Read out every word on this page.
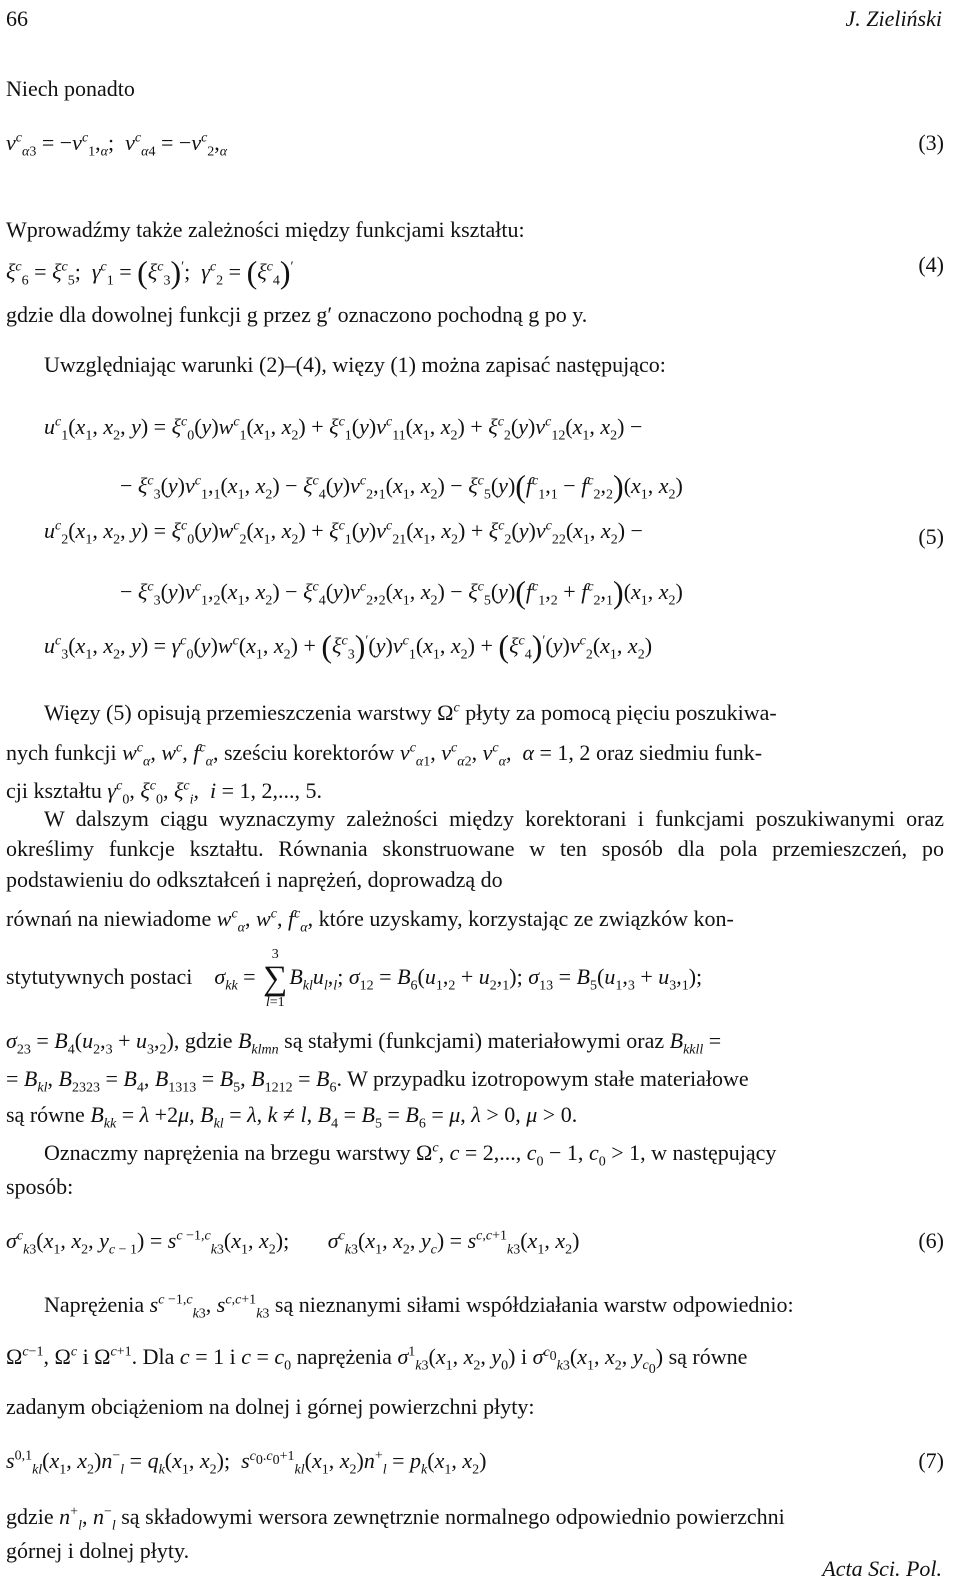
66	J. Zieliński
Niech ponadto
$v^c_{\alpha 3} = -v^c_1,_\alpha$;  $v^c_{\alpha 4} = -v^c_2,_\alpha$	(3)
Wprowadźmy także zależności między funkcjami kształtu:
$\xi^c_6 = \xi^c_5$;  $\gamma^c_1 = (\xi^c_3)'$;  $\gamma^c_2 = (\xi^c_4)'$	(4)
gdzie dla dowolnej funkcji g przez g′ oznaczono pochodną g po y.
Uwzględniając warunki (2)–(4), więzy (1) można zapisać następująco:
$u^c_1(x_1$, $x_2$, $y) = \xi^c_0(y)w^c_1(x_1$, $x_2) + \xi^c_1(y)v^c_{11}(x_1$, $x_2) + \xi^c_2(y)v^c_{12}(x_1$, $x_2$) −
− $\xi^c_3(y)v^c_1,_1(x_1$, $x_2) - \xi^c_4(y)v^c_2,_1(x_1$, $x_2) - \xi^c_5(y)(f^c_1,_1 - f^c_2,_2)(x_1$, $x_2$)
$u^c_2(x_1$, $x_2$, $y) = \xi^c_0(y)w^c_2(x_1$, $x_2) + \xi^c_1(y)v^c_{21}(x_1$, $x_2) + \xi^c_2(y)v^c_{22}(x_1$, $x_2$) −	(5)
− $\xi^c_3(y)v^c_1,_2(x_1$, $x_2) - \xi^c_4(y)v^c_2,_2(x_1$, $x_2) - \xi^c_5(y)(f^c_1,_2 + f^c_2,_1)(x_1$, $x_2$)
$u^c_3(x_1$, $x_2$, $y) = \gamma^c_0(y)w^c(x_1$, $x_2) + (\xi^c_3)'(y)v^c_1(x_1$, $x_2) + (\xi^c_4)'(y)v^c_2(x_1$, $x_2$)
Więzy (5) opisują przemieszczenia warstwy $\Omega^c$ płyty za pomocą pięciu poszukiwa-
nych funkcji $w^c_\alpha$, $w^c$, $f^c_\alpha$, sześciu korektorów $v^c_{\alpha 1}$, $v^c_{\alpha 2}$, $v^c_\alpha$,  α = 1, 2 oraz siedmiu funk-
cji kształtu $\gamma^c_0$, $\xi^c_0$, $\xi^c_i$,  i = 1, 2,..., 5.
W dalszym ciągu wyznaczymy zależności między korektorani i funkcjami poszukiwanymi oraz określimy funkcje kształtu. Równania skonstruowane w ten sposób dla pola przemieszczeń, po podstawieniu do odkształceń i naprężeń, doprowadzą do
równań na niewiadome $w^c_\alpha$, $w^c$, $f^c_\alpha$, które uzyskamy, korzystając ze związków kon-
stytutywnych postaci $\sigma_{kk} = 3$
∑
$l=1B_{kl}u_l,_l$; $\sigma_{12} = B_6(u_1,_2 + u_2,_1)$; $\sigma_{13} = B_5(u_1,_3 + u_3,_1)$;
$\sigma_{23} = B_4(u_2,_3 + u_3,_2)$, gdzie $B_{klmn}$ są stałymi (funkcjami) materiałowymi oraz $B_{kkll}$ =
= $B_{kl}$, $B_{2323} = B_4$, $B_{1313} = B_5$, $B_{1212} = B_6$. W przypadku izotropowym stałe materiałowe
są równe $B_{kk} = \lambda +2\mu$, $B_{kl} = \lambda$, k ≠ l, $B_4 = B_5 = B_6 = \mu$, λ > 0, μ > 0.
Oznaczmy naprężenia na brzegu warstwy $\Omega^c$, c = 2,..., $c_0 - 1$, $c_0 > 1$, w następujący
sposób:
$\sigma^c_{k3}(x_1$, $x_2$, $y_{c - 1}) = s^{c -1,c}_{k3}(x_1$, $x_2$);       $\sigma^c_{k3}(x_1$, $x_2$, $y_c) = s^{c,c+1}_{k3}(x_1$, $x_2$)	(6)
Naprężenia $s^{c -1,c}_{k3}$, $s^{c,c+1}_{k3}$ są nieznanymi siłami współdziałania warstw odpowiednio:
$\Omega^{c-1}$, $\Omega^c$ i $\Omega^{c+1}$. Dla c = 1 i $c = c_0$ naprężenia $\sigma^1_{k3}(x_1$, $x_2$, $y_0$) i $\sigma^{c_0}_{k3}(x_1$, $x_2$, $y_{c_0}$) są równe
zadanym obciążeniom na dolnej i górnej powierzchni płyty:
$s^{0,1}_{kl}(x_1$, $x_2)n^-_l = q_k(x_1$, $x_2$);  $s^{c_0.c_0+1}_{kl}(x_1$, $x_2)n^+_l = p_k(x_1$, $x_2$)	(7)
gdzie $n^+_l$, $n^-_l$ są składowymi wersora zewnętrznie normalnego odpowiednio powierzchni
górnej i dolnej płyty.
Acta Sci. Pol.
